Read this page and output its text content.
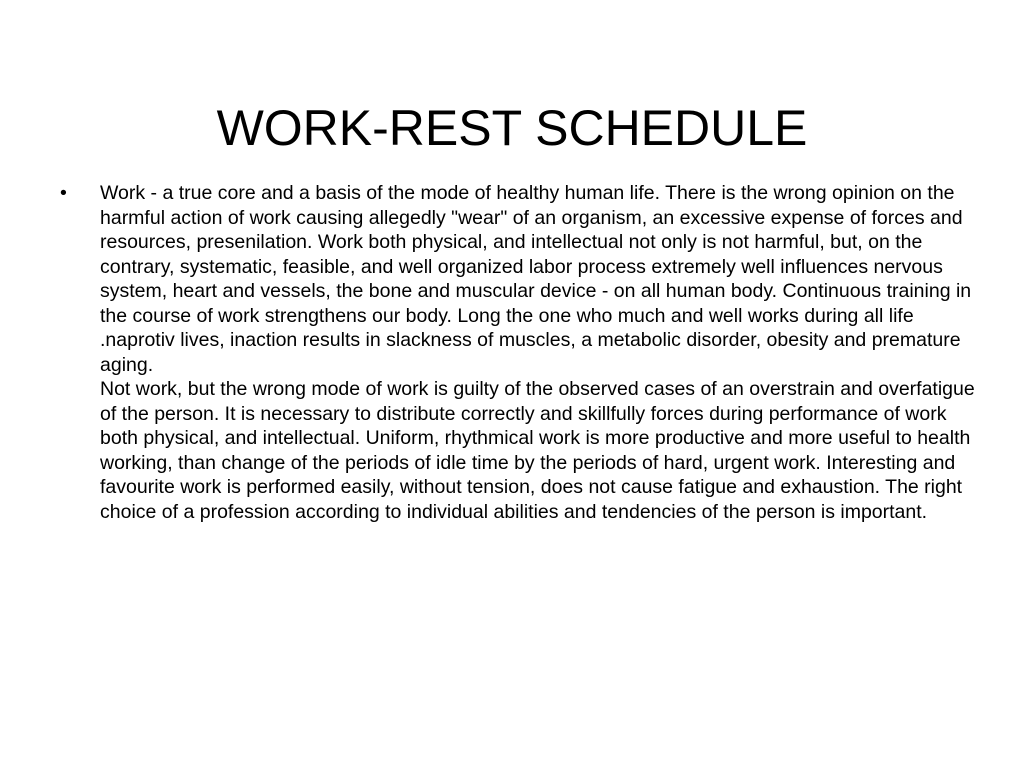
WORK-REST SCHEDULE
• Work - a true core and a basis of the mode of healthy human life. There is the wrong opinion on the harmful action of work causing allegedly "wear" of an organism, an excessive expense of forces and resources, presenilation. Work both physical, and intellectual not only is not harmful, but, on the contrary, systematic, feasible, and well organized labor process extremely well influences nervous system, heart and vessels, the bone and muscular device - on all human body. Continuous training in the course of work strengthens our body. Long the one who much and well works during all life .naprotiv lives, inaction results in slackness of muscles, a metabolic disorder, obesity and premature aging.

Not work, but the wrong mode of work is guilty of the observed cases of an overstrain and overfatigue of the person. It is necessary to distribute correctly and skillfully forces during performance of work both physical, and intellectual. Uniform, rhythmical work is more productive and more useful to health working, than change of the periods of idle time by the periods of hard, urgent work. Interesting and favourite work is performed easily, without tension, does not cause fatigue and exhaustion. The right choice of a profession according to individual abilities and tendencies of the person is important.
